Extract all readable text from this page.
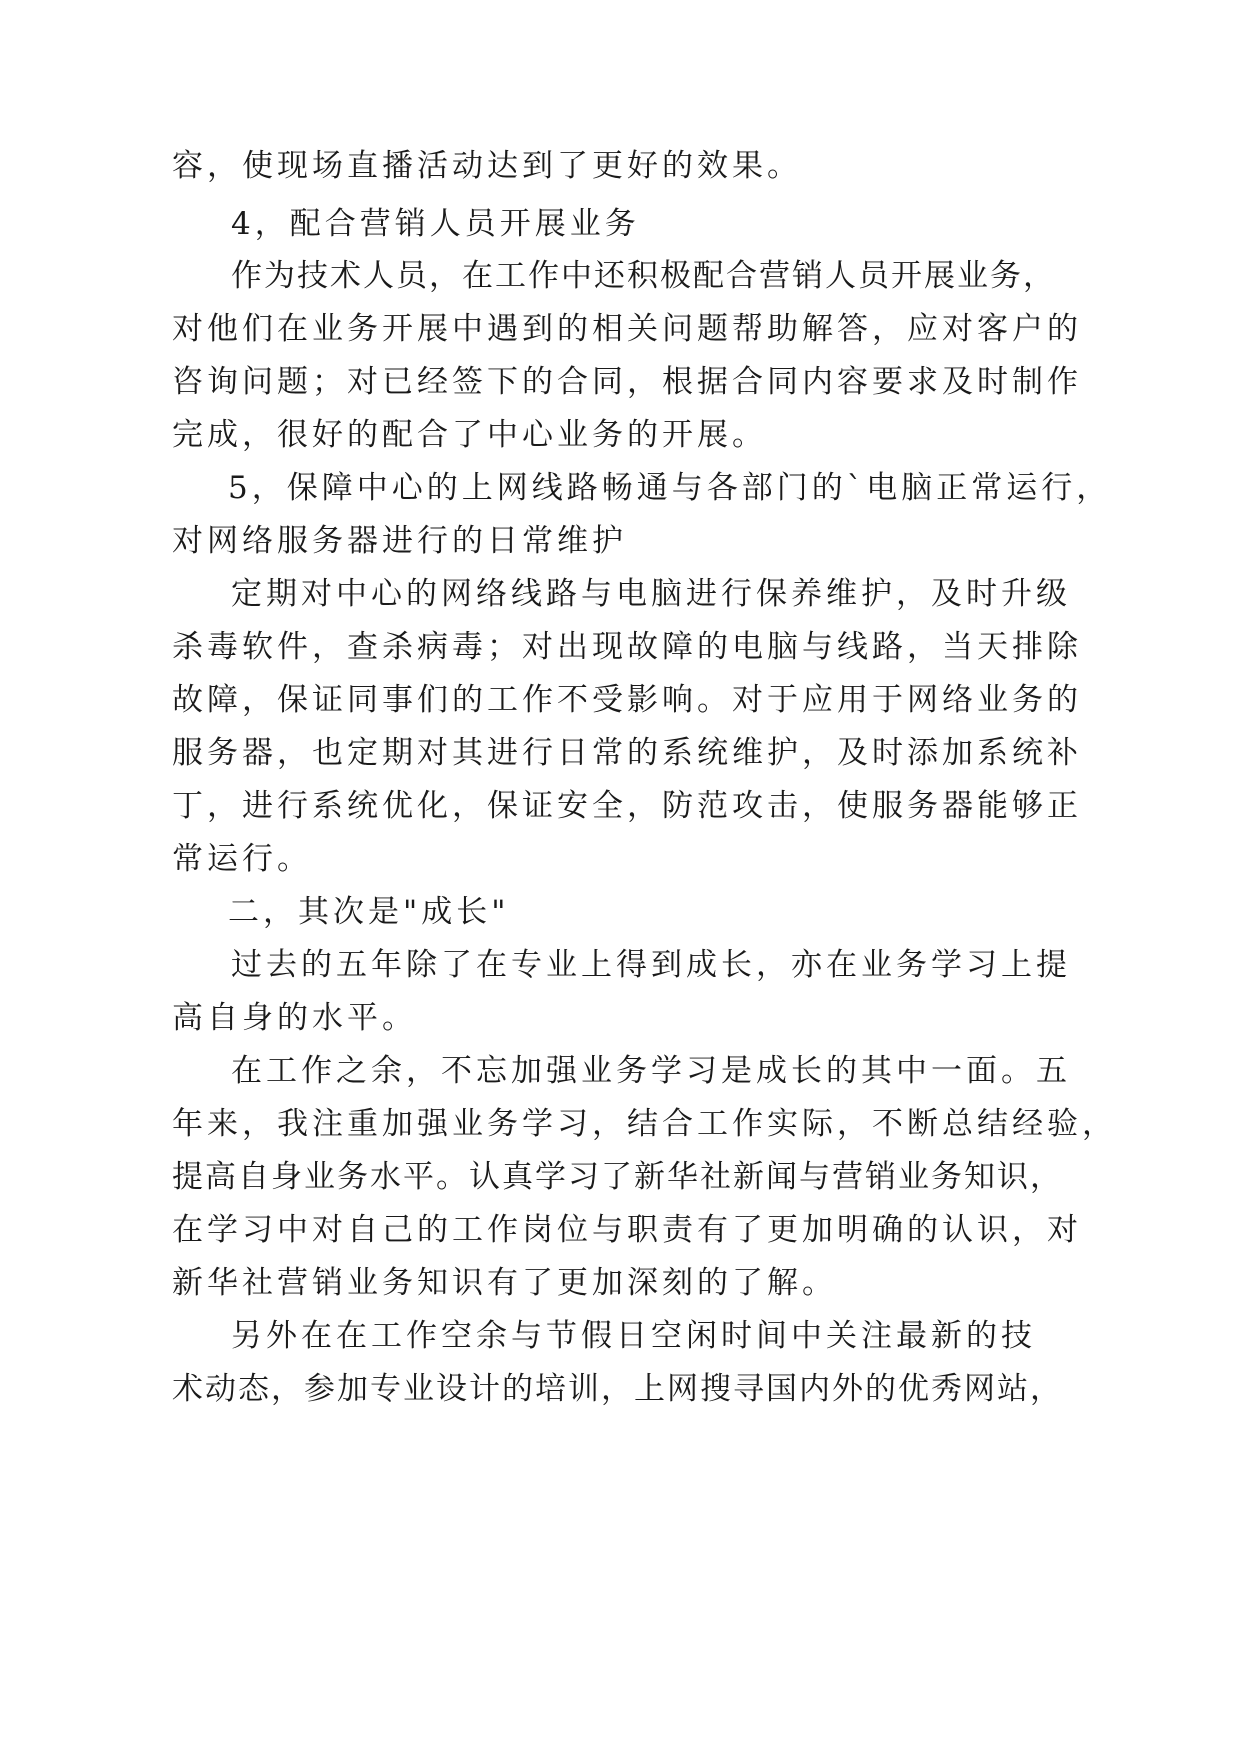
容，使现场直播活动达到了更好的效果。
4，配合营销人员开展业务
作为技术人员，在工作中还积极配合营销人员开展业务，
对他们在业务开展中遇到的相关问题帮助解答，应对客户的
咨询问题；对已经签下的合同，根据合同内容要求及时制作
完成，很好的配合了中心业务的开展。
5，保障中心的上网线路畅通与各部门的`电脑正常运行，
对网络服务器进行的日常维护
定期对中心的网络线路与电脑进行保养维护，及时升级
杀毒软件，查杀病毒；对出现故障的电脑与线路，当天排除
故障，保证同事们的工作不受影响。对于应用于网络业务的
服务器，也定期对其进行日常的系统维护，及时添加系统补
丁，进行系统优化，保证安全，防范攻击，使服务器能够正
常运行。
二，其次是"成长"
过去的五年除了在专业上得到成长，亦在业务学习上提
高自身的水平。
在工作之余，不忘加强业务学习是成长的其中一面。五
年来，我注重加强业务学习，结合工作实际，不断总结经验，
提高自身业务水平。认真学习了新华社新闻与营销业务知识，
在学习中对自己的工作岗位与职责有了更加明确的认识，对
新华社营销业务知识有了更加深刻的了解。
另外在在工作空余与节假日空闲时间中关注最新的技
术动态，参加专业设计的培训，上网搜寻国内外的优秀网站，
